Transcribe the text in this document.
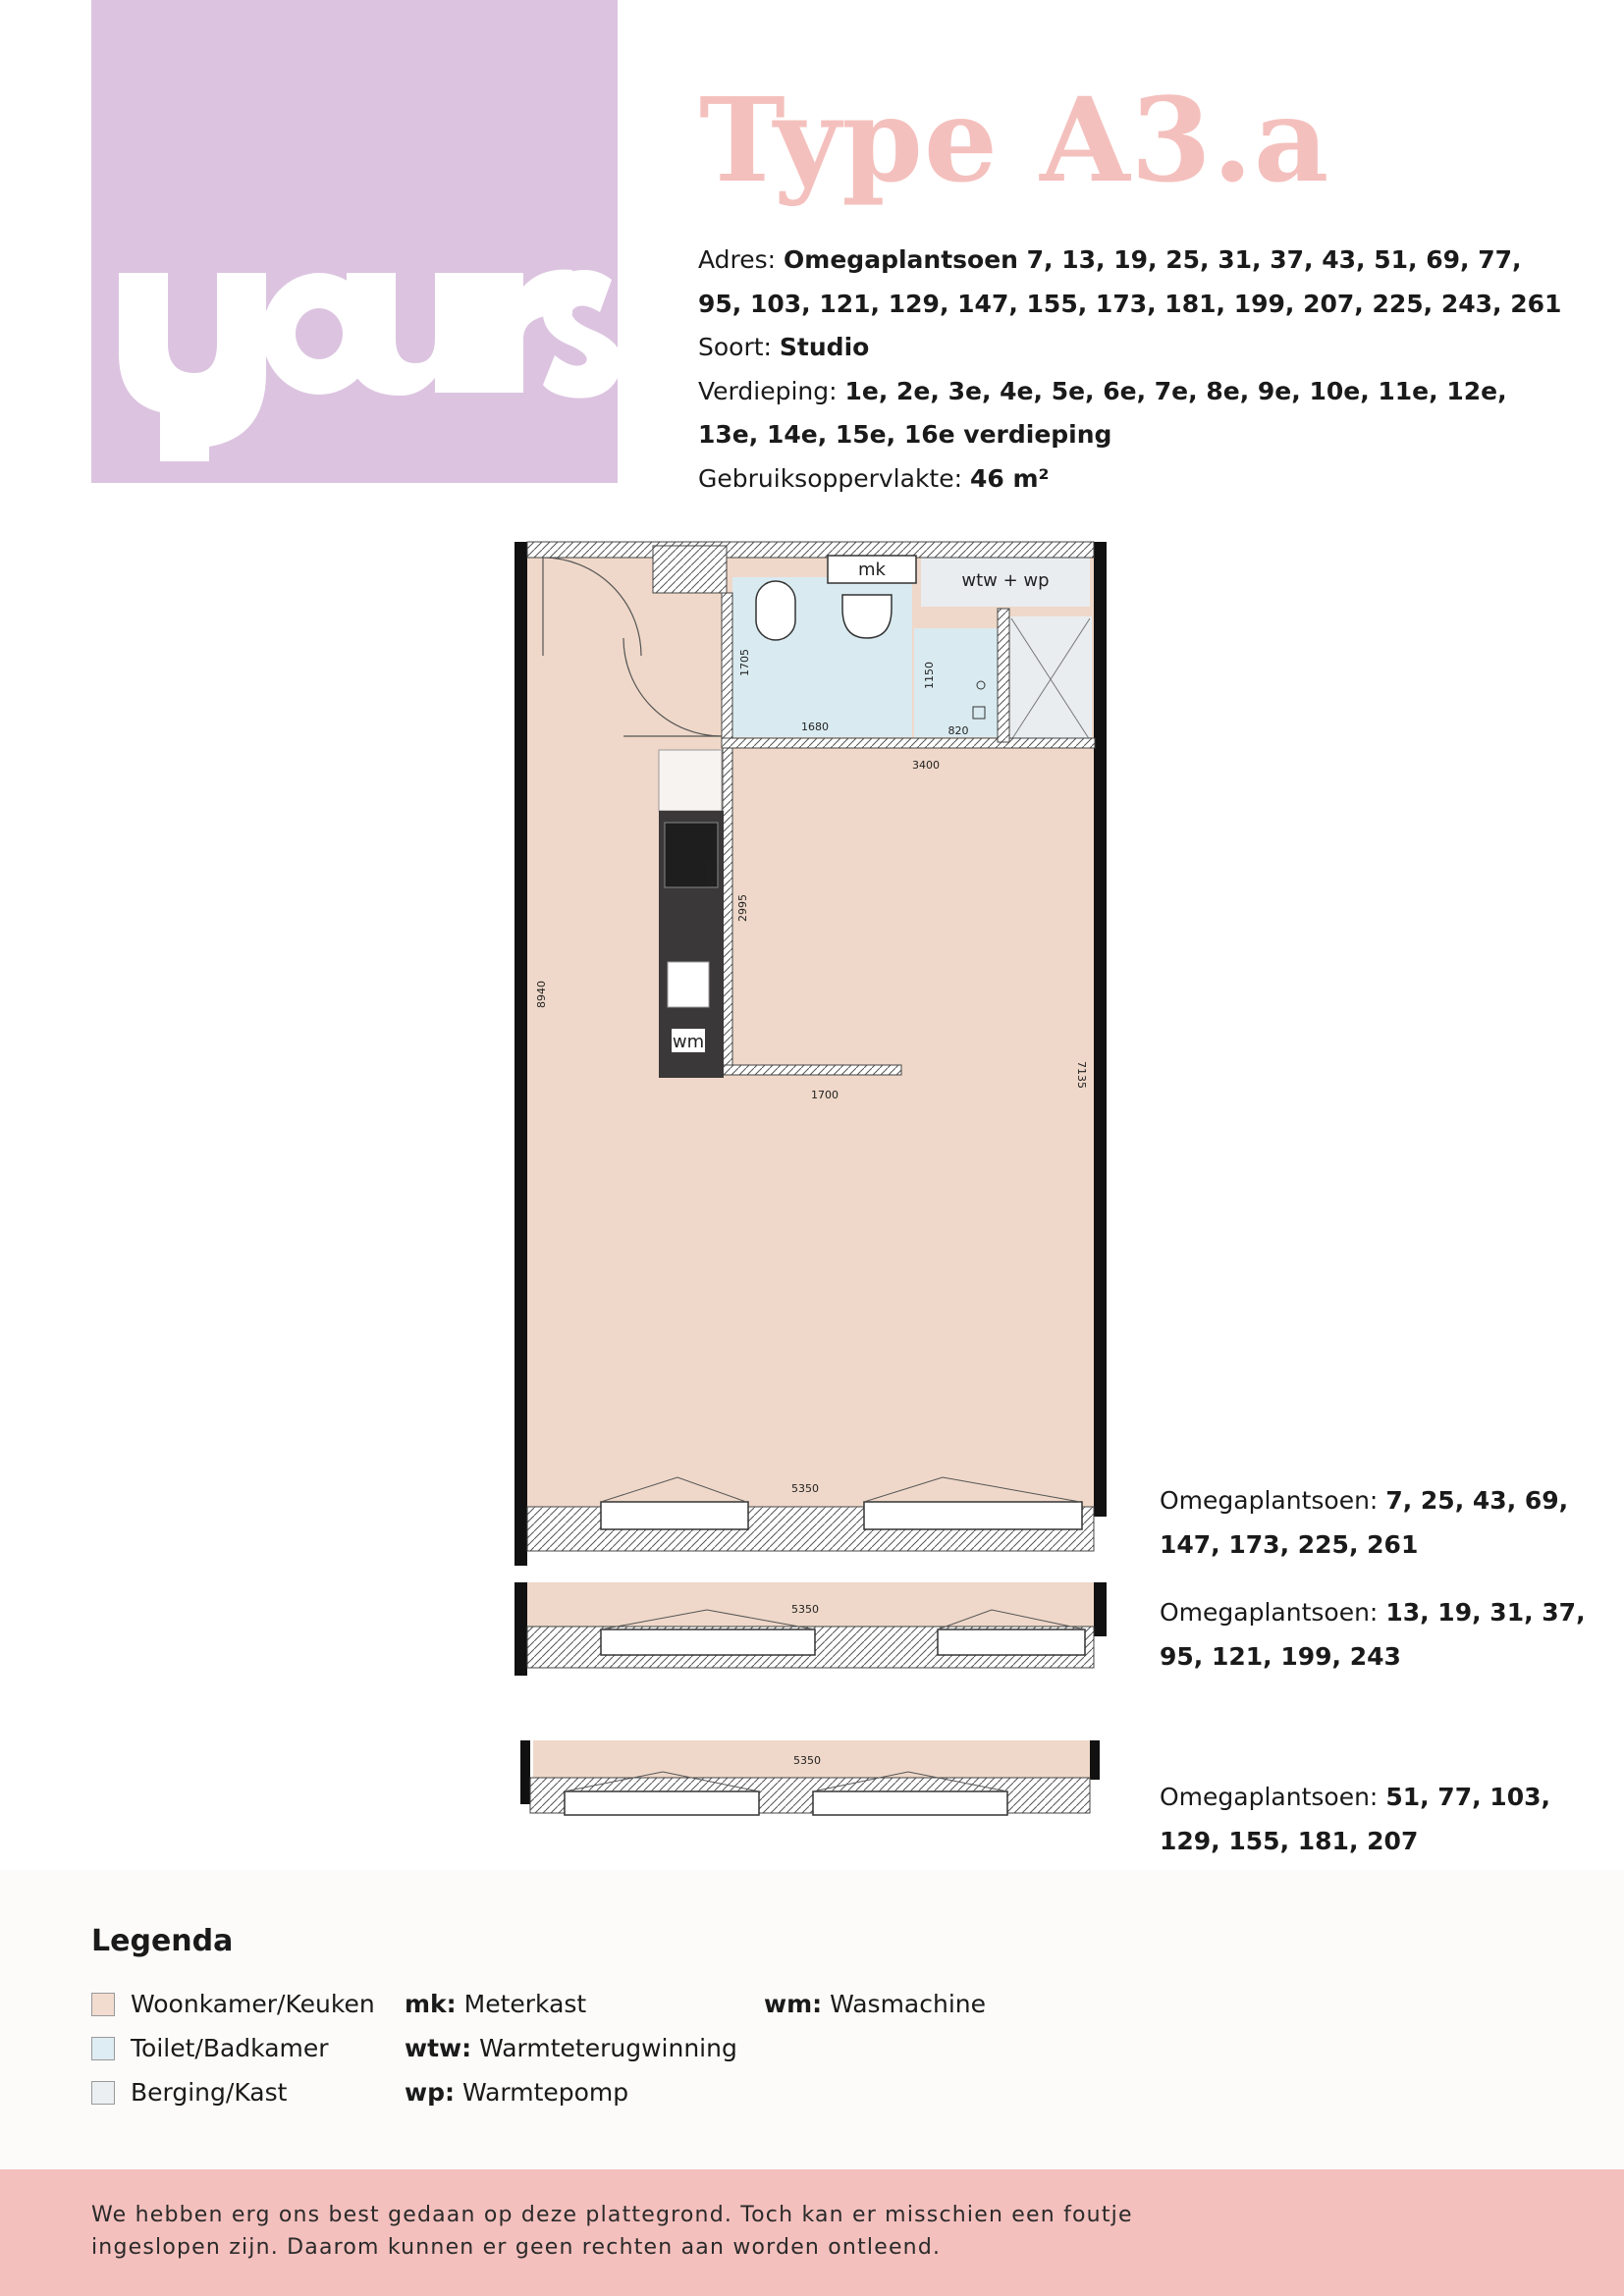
Type A3.a
Adres: Omegaplantsoen 7, 13, 19, 25, 31, 37, 43, 51, 69, 77, 95, 103, 121, 129, 147, 155, 173, 181, 199, 207, 225, 243, 261
Soort: Studio
Verdieping: 1e, 2e, 3e, 4e, 5e, 6e, 7e, 8e, 9e, 10e, 11e, 12e, 13e, 14e, 15e, 16e verdieping
Gebruiksoppervlakte: 46 m²
mk
wtw + wp
wm
1705
1680
1150
820
3400
4550
2995
8940
1700
7135
5350
5350
5350
Omegaplantsoen: 7, 25, 43, 69, 147, 173, 225, 261
Omegaplantsoen: 13, 19, 31, 37, 95, 121, 199, 243
Omegaplantsoen: 51, 77, 103, 129, 155, 181, 207
Legenda
Woonkamer/Keuken
Toilet/Badkamer
Berging/Kast
mk: Meterkast
wtw: Warmteterugwinning
wp: Warmtepomp
wm: Wasmachine
We hebben erg ons best gedaan op deze plattegrond. Toch kan er misschien een foutje ingeslopen zijn. Daarom kunnen er geen rechten aan worden ontleend.
